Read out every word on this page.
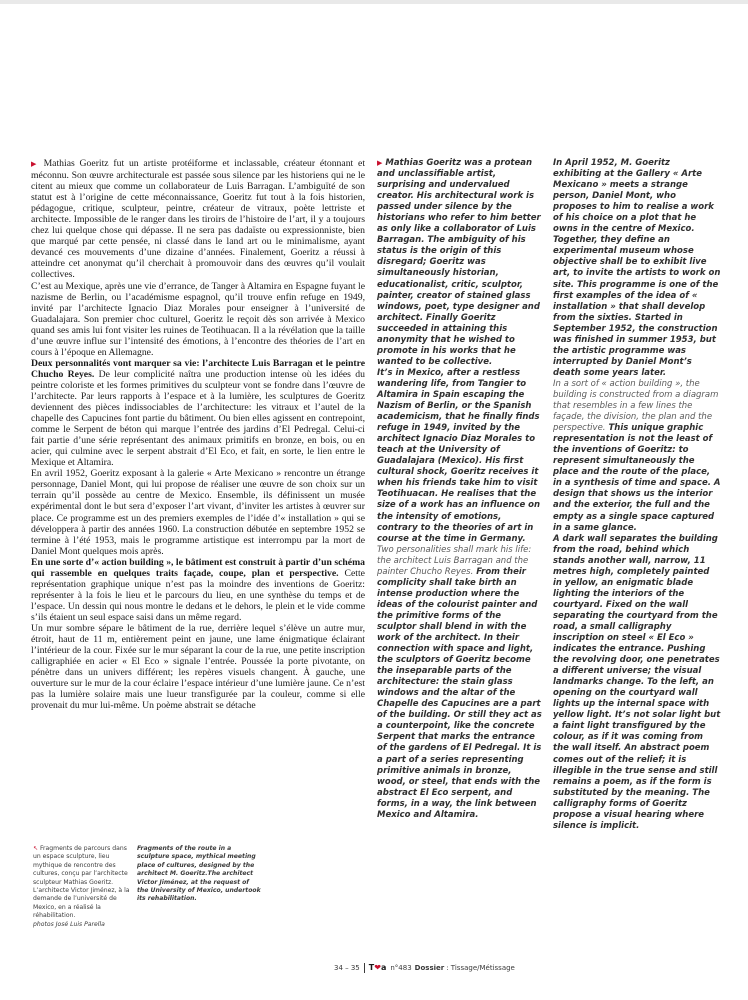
▶ Mathias Goeritz fut un artiste protéiforme et inclassable, créateur étonnant et méconnu. Son œuvre architecturale est passée sous silence par les historiens qui ne le citent au mieux que comme un collaborateur de Luis Barragan. L’ambiguïté de son statut est à l’origine de cette méconnaissance, Goeritz fut tout à la fois historien, pédagogue, critique, sculpteur, peintre, créateur de vitraux, poète lettriste et architecte. Impossible de le ranger dans les tiroirs de l’histoire de l’art, il y a toujours chez lui quelque chose qui dépasse. Il ne sera pas dadaïste ou expressionniste, bien que marqué par cette pensée, ni classé dans le land art ou le minimalisme, ayant devancé ces mouvements d’une dizaine d’années. Finalement, Goeritz a réussi à atteindre cet anonymat qu’il cherchait à promouvoir dans des œuvres qu’il voulait collectives.

C’est au Mexique, après une vie d’errance, de Tanger à Altamira en Espagne fuyant le nazisme de Berlin, ou l’académisme espagnol, qu’il trouve enfin refuge en 1949, invité par l’architecte Ignacio Diaz Morales pour enseigner à l’université de Guadalajara. Son premier choc culturel, Goeritz le reçoit dès son arrivée à Mexico quand ses amis lui font visiter les ruines de Teotihuacan. Il a la révélation que la taille d’une œuvre influe sur l’intensité des émotions, à l’encontre des théories de l’art en cours à l’époque en Allemagne.

Deux personnalités vont marquer sa vie: l’architecte Luis Barragan et le peintre Chucho Reyes. De leur complicité naîtra une production intense où les idées du peintre coloriste et les formes primitives du sculpteur vont se fondre dans l’œuvre de l’architecte. Par leurs rapports à l’espace et à la lumière, les sculptures de Goeritz deviennent des pièces indissociables de l’architecture: les vitraux et l’autel de la chapelle des Capucines font partie du bâtiment. Ou bien elles agissent en contrepoint, comme le Serpent de béton qui marque l’entrée des jardins d’El Pedregal. Celui-ci fait partie d’une série représentant des animaux primitifs en bronze, en bois, ou en acier, qui culmine avec le serpent abstrait d’El Eco, et fait, en sorte, le lien entre le Mexique et Altamira.

En avril 1952, Goeritz exposant à la galerie « Arte Mexicano » rencontre un étrange personnage, Daniel Mont, qui lui propose de réaliser une œuvre de son choix sur un terrain qu’il possède au centre de Mexico. Ensemble, ils définissent un musée expérimental dont le but sera d’exposer l’art vivant, d’inviter les artistes à œuvrer sur place. Ce programme est un des premiers exemples de l’idée d’« installation » qui se développera à partir des années 1960. La construction débutée en septembre 1952 se termine à l’été 1953, mais le programme artistique est interrompu par la mort de Daniel Mont quelques mois après.

En une sorte d’« action building », le bâtiment est construit à partir d’un schéma qui rassemble en quelques traits façade, coupe, plan et perspective. Cette représentation graphique unique n’est pas la moindre des inventions de Goeritz: représenter à la fois le lieu et le parcours du lieu, en une synthèse du temps et de l’espace. Un dessin qui nous montre le dedans et le dehors, le plein et le vide comme s’ils étaient un seul espace saisi dans un même regard.

Un mur sombre sépare le bâtiment de la rue, derrière lequel s’élève un autre mur, étroit, haut de 11 m, entièrement peint en jaune, une lame énigmatique éclairant l’intérieur de la cour. Fixée sur le mur séparant la cour de la rue, une petite inscription calligraphiée en acier « El Eco » signale l’entrée. Poussée la porte pivotante, on pénètre dans un univers différent; les repères visuels changent. À gauche, une ouverture sur le mur de la cour éclaire l’espace intérieur d’une lumière jaune. Ce n’est pas la lumière solaire mais une lueur transfigurée par la couleur, comme si elle provenait du mur lui-même. Un poème abstrait se détache

▶ Mathias Goeritz was a protean and unclassifiable artist, surprising and undervalued creator. His architectural work is passed under silence by the historians who refer to him better as only like a collaborator of Luis Barragan. The ambiguity of his status is the origin of this disregard; Goeritz was simultaneously historian, educationalist, critic, sculptor, painter, creator of stained glass windows, poet, type designer and architect. Finally Goeritz succeeded in attaining this anonymity that he wished to promote in his works that he wanted to be collective.

It’s in Mexico, after a restless wandering life, from Tangier to Altamira in Spain escaping the Nazism of Berlin, or the Spanish academicism, that he finally finds refuge in 1949, invited by the architect Ignacio Diaz Morales to teach at the University of Guadalajara (Mexico). His first cultural shock, Goeritz receives it when his friends take him to visit Teotihuacan. He realises that the size of a work has an influence on the intensity of emotions, contrary to the theories of art in course at the time in Germany.

Two personalities shall mark his life: the architect Luis Barragan and the painter Chucho Reyes. From their complicity shall take birth an intense production where the ideas of the colourist painter and the primitive forms of the sculptor shall blend in with the work of the architect. In their connection with space and light, the sculptors of Goeritz become the inseparable parts of the architecture: the stain glass windows and the altar of the Chapelle des Capucines are a part of the building. Or still they act as a counterpoint, like the concrete Serpent that marks the entrance of the gardens of El Pedregal. It is a part of a series representing primitive animals in bronze, wood, or steel, that ends with the abstract El Eco serpent, and forms, in a way, the link between Mexico and Altamira.

In April 1952, M. Goeritz exhibiting at the Gallery « Arte Mexicano » meets a strange person, Daniel Mont, who proposes to him to realise a work of his choice on a plot that he owns in the centre of Mexico. Together, they define an experimental museum whose objective shall be to exhibit live art, to invite the artists to work on site. This programme is one of the first examples of the idea of « installation » that shall develop from the sixties. Started in September 1952, the construction was finished in summer 1953, but the artistic programme was interrupted by Daniel Mont’s death some years later.

In a sort of « action building », the building is constructed from a diagram that resembles in a few lines the façade, the division, the plan and the perspective. This unique graphic representation is not the least of the inventions of Goeritz: to represent simultaneously the place and the route of the place, in a synthesis of time and space. A design that shows us the interior and the exterior, the full and the empty as a single space captured in a same glance.

A dark wall separates the building from the road, behind which stands another wall, narrow, 11 metres high, completely painted in yellow, an enigmatic blade lighting the interiors of the courtyard. Fixed on the wall separating the courtyard from the road, a small calligraphy inscription on steel « El Eco » indicates the entrance. Pushing the revolving door, one penetrates a different universe; the visual landmarks change. To the left, an opening on the courtyard wall lights up the internal space with yellow light. It’s not solar light but a faint light transfigured by the colour, as if it was coming from the wall itself. An abstract poem comes out of the relief; it is illegible in the true sense and still remains a poem, as if the form is substituted by the meaning. The calligraphy forms of Goeritz propose a visual hearing where silence is implicit.

↖ Fragments de parcours dans un espace sculpture, lieu mythique de rencontre des cultures, conçu par l’architecte sculpteur Mathias Goeritz. L’architecte Victor Jiménez, à la demande de l’université de Mexico, en a réalisé la réhabilitation.

photos José Luis Parella

Fragments of the route in a sculpture space, mythical meeting place of cultures, designed by the architect M. Goeritz.The architect Victor Jiménez, at the request of the University of Mexico, undertook its rehabilitation.

34 – 35 T❤a n°483 Dossier : Tissage/Métissage
